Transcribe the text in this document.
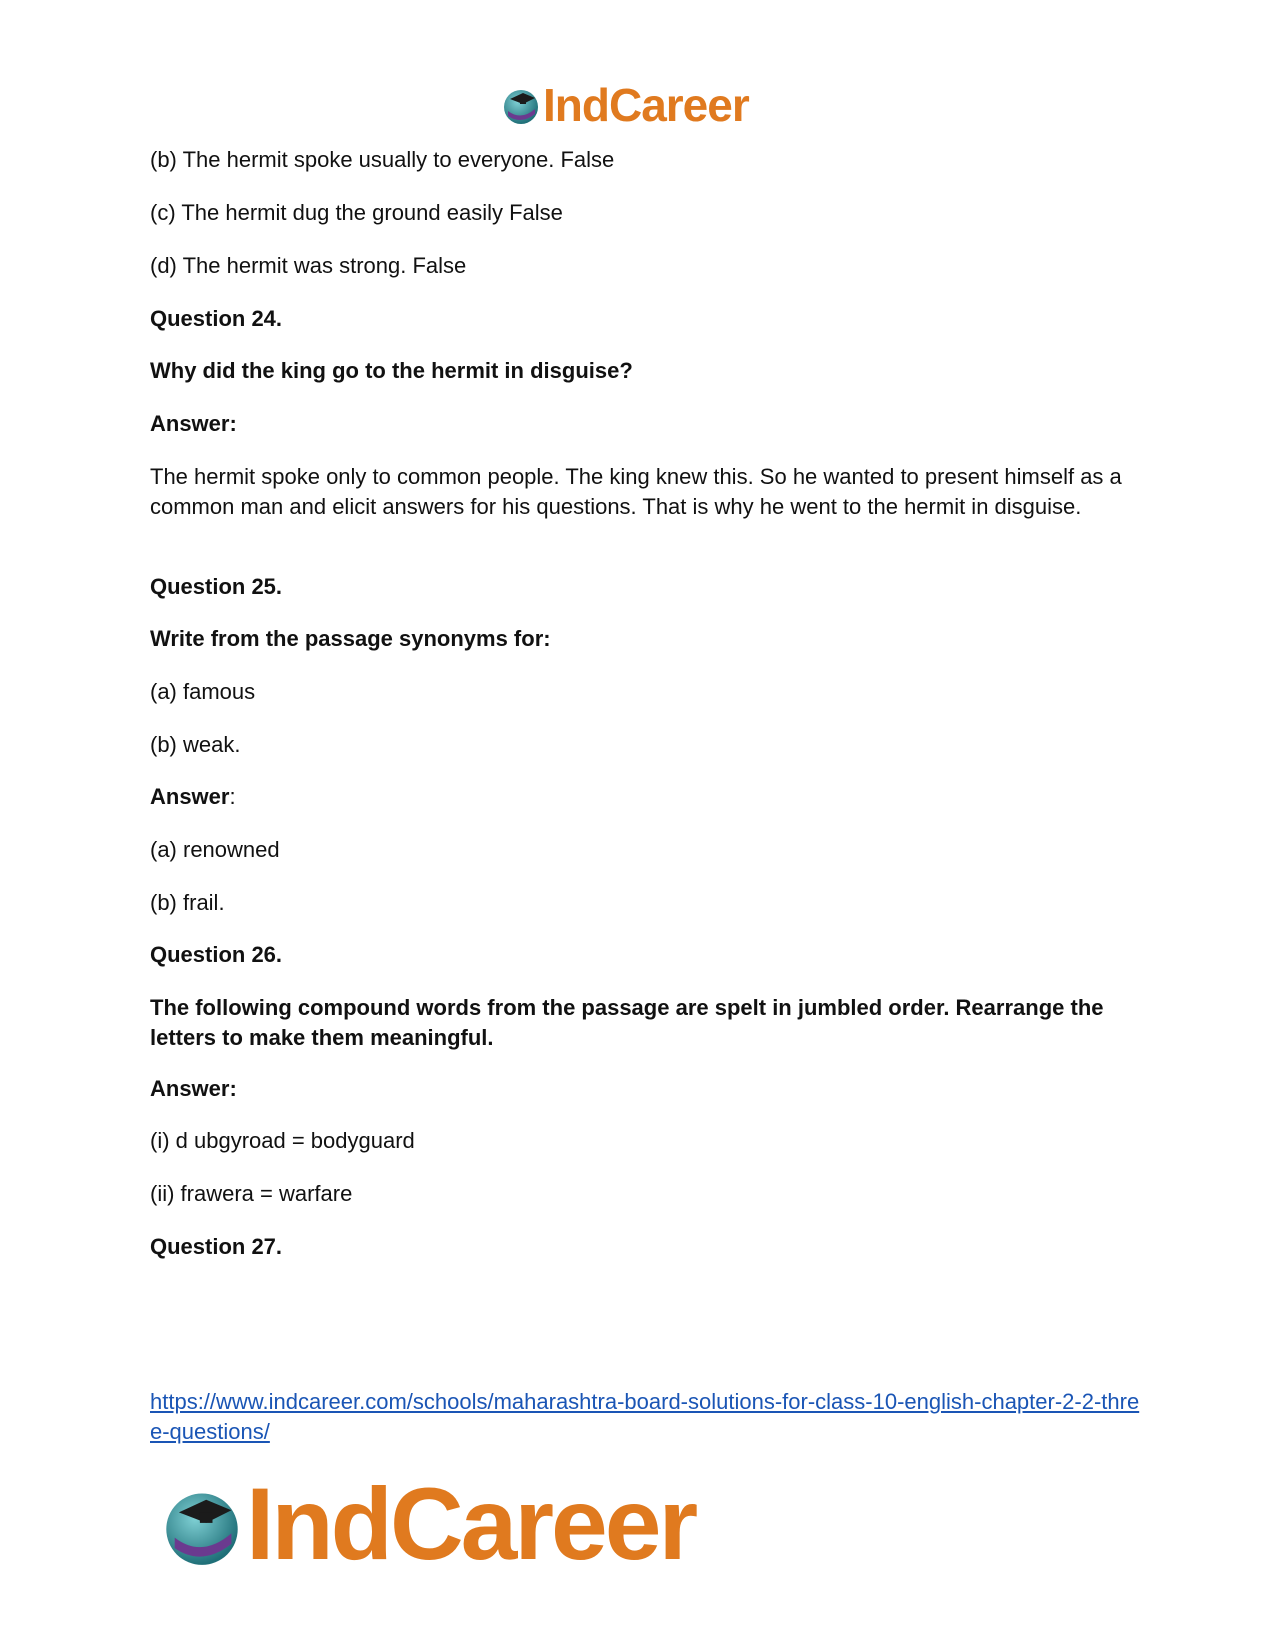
IndCareer

(b) The hermit spoke usually to everyone. False

(c) The hermit dug the ground easily False

(d) The hermit was strong. False

Question 24.

Why did the king go to the hermit in disguise?

Answer:

The hermit spoke only to common people. The king knew this. So he wanted to present himself as a common man and elicit answers for his questions. That is why he went to the hermit in disguise.

Question 25.

Write from the passage synonyms for:

(a) famous

(b) weak.

Answer:

(a) renowned

(b) frail.

Question 26.

The following compound words from the passage are spelt in jumbled order. Rearrange the letters to make them meaningful.

Answer:

(i) d ubgyroad = bodyguard

(ii) frawera = warfare

Question 27.

https://www.indcareer.com/schools/maharashtra-board-solutions-for-class-10-english-chapter-2-2-three-questions/
IndCareer
